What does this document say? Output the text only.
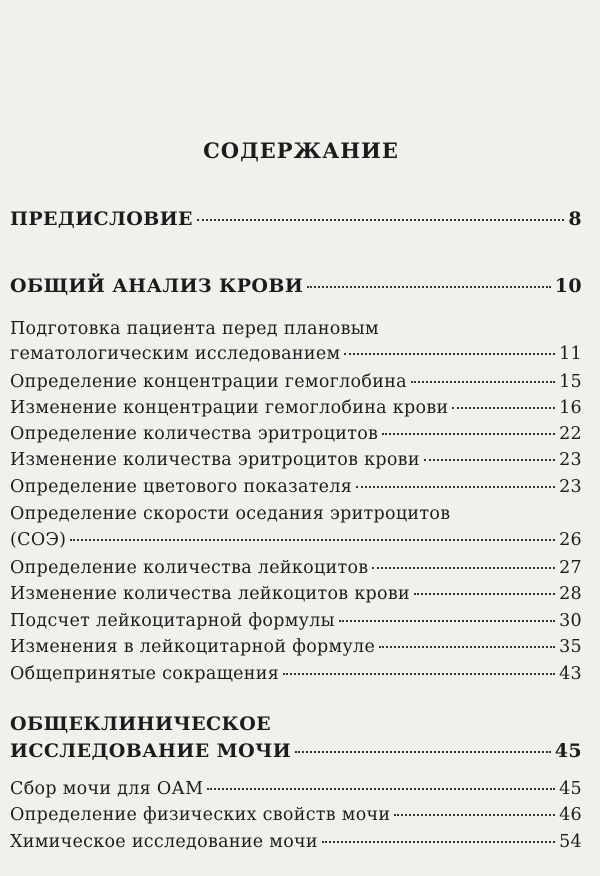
СОДЕРЖАНИЕ
ПРЕДИСЛОВИЕ	8
ОБЩИЙ АНАЛИЗ КРОВИ	10
Подготовка пациента перед плановым
гематологическим исследованием	11
Определение концентрации гемоглобина	15
Изменение концентрации гемоглобина крови	16
Определение количества эритроцитов	22
Изменение количества эритроцитов крови	23
Определение цветового показателя	23
Определение скорости оседания эритроцитов
(СОЭ)	26
Определение количества лейкоцитов	27
Изменение количества лейкоцитов крови	28
Подсчет лейкоцитарной формулы	30
Изменения в лейкоцитарной формуле	35
Общепринятые сокращения	43
ОБЩЕКЛИНИЧЕСКОЕ
ИССЛЕДОВАНИЕ МОЧИ	45
Сбор мочи для ОАМ	45
Определение физических свойств мочи	46
Химическое исследование мочи	54
